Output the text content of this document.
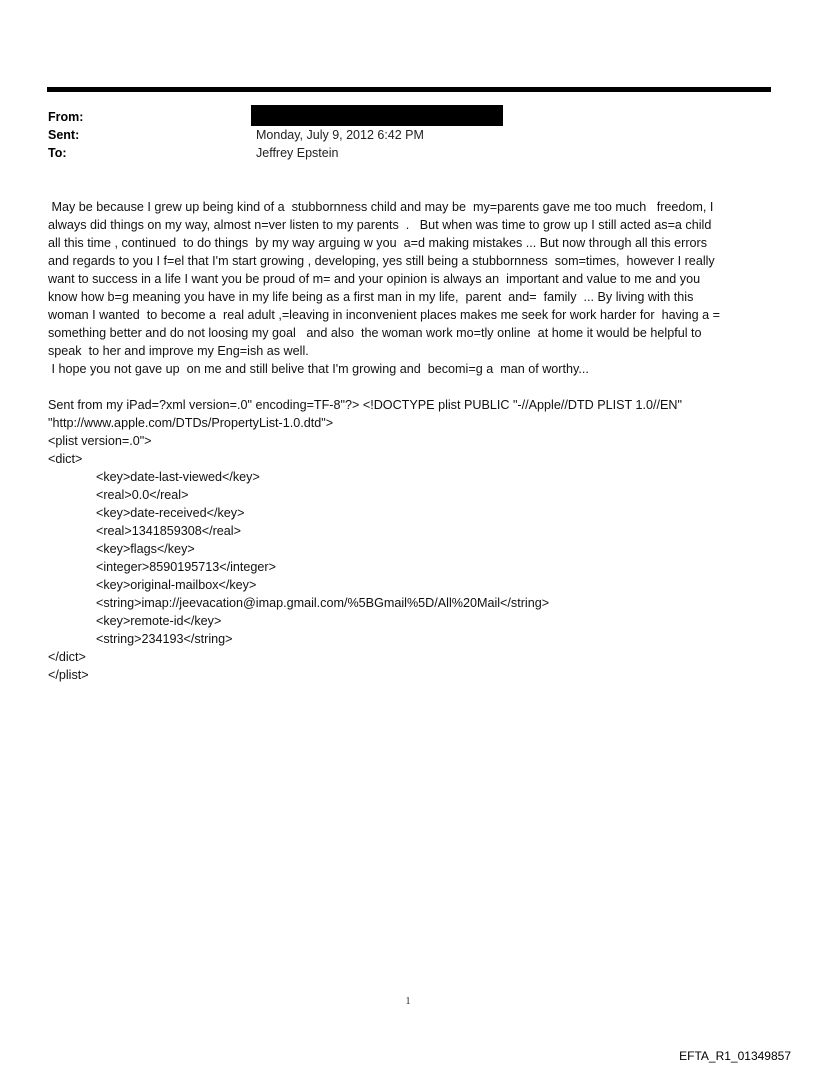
From:
Sent:	Monday, July 9, 2012 6:42 PM
To:	Jeffrey Epstein

May be because I grew up being kind of a  stubbornness child and may be  my=parents gave me too much   freedom, I

always did things on my way, almost n=ver listen to my parents  .   But when was time to grow up I still acted as=a child

all this time , continued  to do things  by my way arguing w you  a=d making mistakes ... But now through all this errors

and regards to you I f=el that I'm start growing , developing, yes still being a stubbornness  som=times,  however I really

want to success in a life I want you be proud of m= and your opinion is always an  important and value to me and you

know how b=g meaning you have in my life being as a first man in my life,  parent  and=  family  ... By living with this

woman I wanted  to become a  real adult ,=leaving in inconvenient places makes me seek for work harder for  having a =

something better and do not loosing my goal   and also  the woman work mo=tly online  at home it would be helpful to

speak  to her and improve my Eng=ish as well.

I hope you not gave up  on me and still belive that I'm growing and  becomi=g a  man of worthy...

Sent from my iPad=?xml version=.0" encoding=TF-8"?> <!DOCTYPE plist PUBLIC "-//Apple//DTD PLIST 1.0//EN"

"http://www.apple.com/DTDs/PropertyList-1.0.dtd">

<plist version=.0">

<dict>

<key>date-last-viewed</key>

<real>0.0</real>

<key>date-received</key>

<real>1341859308</real>

<key>flags</key>

<integer>8590195713</integer>

<key>original-mailbox</key>

<string>imap://jeevacation@imap.gmail.com/%5BGmail%5D/All%20Mail</string>

<key>remote-id</key>

<string>234193</string>

</dict>

</plist>

1
EFTA_R1_01349857
